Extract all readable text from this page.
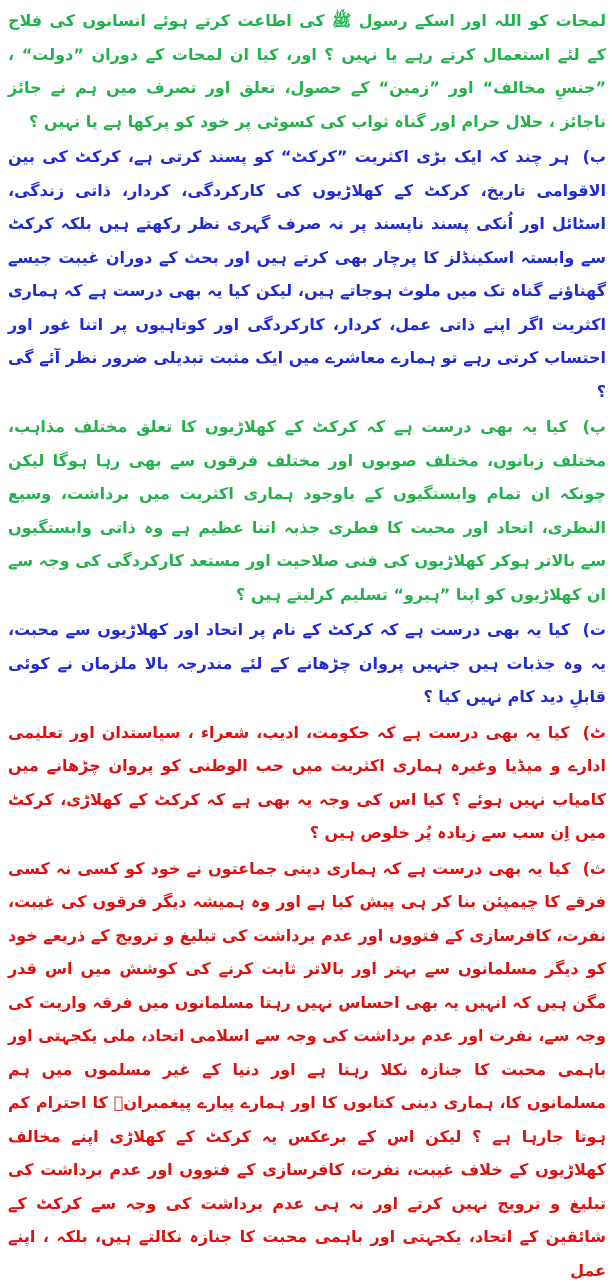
لمحات کو اللہ اور اسکے رسول ﷺ کی اطاعت کرتے ہوئے انسانوں کی فلاح کے لئے استعمال کرتے رہے یا نہیں ؟ اور، کیا ان لمحات کے دوران ”دولت“ ، ”جنسِ مخالف“ اور ”زمین“ کے حصول، تعلق اور تصرف میں ہم نے جائز ناجائز ، حلال حرام اور گناہ ثواب کی کسوٹی پر خود کو پرکھا ہے یا نہیں ؟

ب) ہر چند کہ ایک بڑی اکثریت ”کرکٹ“ کو پسند کرتی ہے، کرکٹ کی بین الاقوامی تاریخ، کرکٹ کے کھلاڑیوں کی کارکردگی، کردار، ذاتی زندگی، اسٹائل اور اُنکی پسند ناپسند پر نہ صرف گہری نظر رکھتے ہیں بلکہ کرکٹ سے وابستہ اسکینڈلز کا پرچار بھی کرتے ہیں اور بحث کے دوران غیبت جیسے گھناؤنے گناہ تک میں ملوث ہوجاتے ہیں، لیکن کیا یہ بھی درست ہے کہ ہماری اکثریت اگر اپنے ذاتی عمل، کردار، کارکردگی اور کوتاہیوں پر اتنا غور اور احتساب کرتی رہے تو ہمارے معاشرے میں ایک مثبت تبدیلی ضرور نظر آئے گی ؟

پ) کیا یہ بھی درست ہے کہ کرکٹ کے کھلاڑیوں کا تعلق مختلف مذاہب، مختلف زبانوں، مختلف صوبوں اور مختلف فرقوں سے بھی رہا ہوگا لیکن چونکہ ان تمام وابستگیوں کے باوجود ہماری اکثریت میں برداشت، وسیع النظری، اتحاد اور محبت کا فطری جذبہ اتنا عظیم ہے وہ ذاتی وابستگیوں سے بالاتر ہوکر کھلاڑیوں کی فنی صلاحیت اور مستعد کارکردگی کی وجہ سے ان کھلاڑیوں کو اپنا ”ہیرو“ تسلیم کرلیتے ہیں ؟

ت) کیا یہ بھی درست ہے کہ کرکٹ کے نام پر اتحاد اور کھلاڑیوں سے محبت، یہ وہ جذبات ہیں جنہیں پروان چڑھانے کے لئے مندرجہ بالا ملزمان نے کوئی قابلِ دید کام نہیں کیا ؟

ٹ) کیا یہ بھی درست ہے کہ حکومت، ادیب، شعراء ، سیاستدان اور تعلیمی ادارے و میڈیا وغیرہ ہماری اکثریت میں حب الوطنی کو پروان چڑھانے میں کامیاب نہیں ہوئے ؟ کیا اس کی وجہ یہ بھی ہے کہ کرکٹ کے کھلاڑی، کرکٹ میں اِن سب سے زیادہ پُر خلوص ہیں ؟

ث) کیا یہ بھی درست ہے کہ ہماری دینی جماعتوں نے خود کو کسی نہ کسی فرقے کا چیمپئن بنا کر ہی پیش کیا ہے اور وہ ہمیشہ دیگر فرقوں کی غیبت، نفرت، کافرسازی کے فتووں اور عدم برداشت کی تبلیغ و ترویج کے ذریعے خود کو دیگر مسلمانوں سے بہتر اور بالاتر ثابت کرنے کی کوشش میں اس قدر مگن ہیں کہ انہیں یہ بھی احساس نہیں رہتا مسلمانوں میں فرقہ واریت کی وجہ سے، نفرت اور عدم برداشت کی وجہ سے اسلامی اتحاد، ملی یکجہتی اور باہمی محبت کا جنازہ نکلا رہتا ہے اور دنیا کے غیر مسلموں میں ہم مسلمانوں کا، ہماری دینی کتابوں کا اور ہمارے پیارے پیغمبرانؐ کا احترام کم ہوتا جارہا ہے ؟ لیکن اس کے برعکس یہ کرکٹ کے کھلاڑی اپنے مخالف کھلاڑیوں کے خلاف غیبت، نفرت، کافرسازی کے فتووں اور عدم برداشت کی تبلیغ و ترویج نہیں کرتے اور نہ ہی عدم برداشت کی وجہ سے کرکٹ کے شائقین کے اتحاد، یکجہتی اور باہمی محبت کا جنازہ نکالتے ہیں، بلکہ ، اپنے عمل
